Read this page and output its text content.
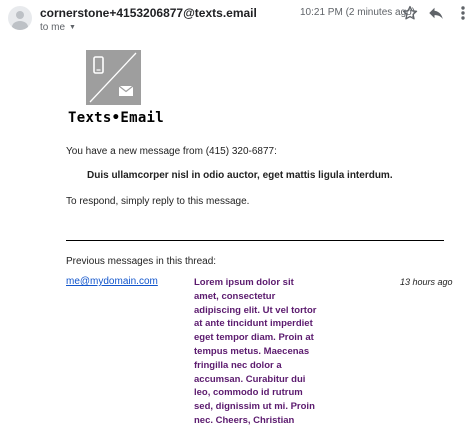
cornerstone+4153206877@texts.email
to me ▼
10:21 PM (2 minutes ago)
Texts•Email
You have a new message from (415) 320-6877:
Duis ullamcorper nisl in odio auctor, eget mattis ligula interdum.
To respond, simply reply to this message.
Previous messages in this thread:
me@mydomain.com	Lorem ipsum dolor sit amet, consectetur adipiscing elit. Ut vel tortor at ante tincidunt imperdiet eget tempor diam. Proin at tempus metus. Maecenas fringilla nec dolor a accumsan. Curabitur dui leo, commodo id rutrum sed, dignissim ut mi. Proin nec. Cheers, Christian
13 hours ago
